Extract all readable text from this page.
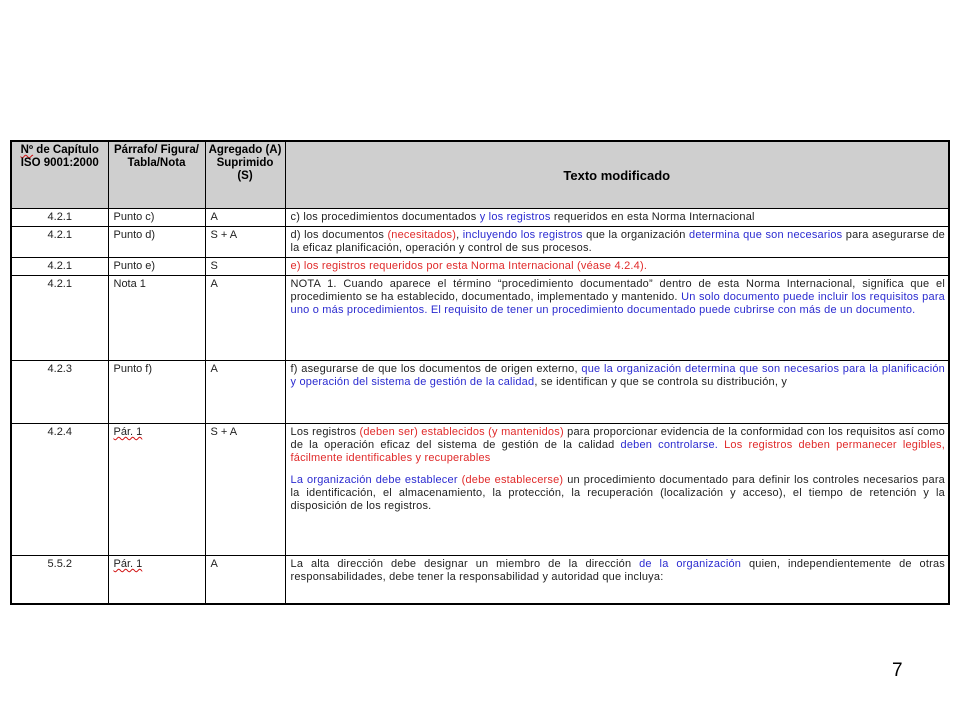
Nº de Capítulo ISO 9001:2000	Párrafo/ Figura/ Tabla/Nota	Agregado (A) Suprimido (S)	Texto modificado
4.2.1	Punto c)	A	c) los procedimientos documentados y los registros requeridos en esta Norma Internacional

4.2.1	Punto d)	S + A	d) los documentos (necesitados), incluyendo los registros que la organización determina que son necesarios para asegurarse de la eficaz planificación, operación y control de sus procesos.

4.2.1	Punto e)	S	e) los registros requeridos por esta Norma Internacional (véase 4.2.4).

4.2.1	Nota 1	A	NOTA 1. Cuando aparece el término “procedimiento documentado” dentro de esta Norma Internacional, significa que el procedimiento se ha establecido, documentado, implementado y mantenido. Un solo documento puede incluir los requisitos para uno o más procedimientos. El requisito de tener un procedimiento documentado puede cubrirse con más de un documento.

4.2.3	Punto f)	A	f) asegurarse de que los documentos de origen externo, que la organización determina que son necesarios para la planificación y operación del sistema de gestión de la calidad, se identifican y que se controla su distribución, y

4.2.4	Pár. 1	S + A	Los registros (deben ser) establecidos (y mantenidos) para proporcionar evidencia de la conformidad con los requisitos así como de la operación eficaz del sistema de gestión de la calidad deben controlarse. Los registros deben permanecer legibles, fácilmente identificables y recuperables
La organización debe establecer (debe establecerse) un procedimiento documentado para definir los controles necesarios para la identificación, el almacenamiento, la protección, la recuperación (localización y acceso), el tiempo de retención y la disposición de los registros.

5.5.2	Pár. 1	A	La alta dirección debe designar un miembro de la dirección de la organización quien, independientemente de otras responsabilidades, debe tener la responsabilidad y autoridad que incluya:
7
